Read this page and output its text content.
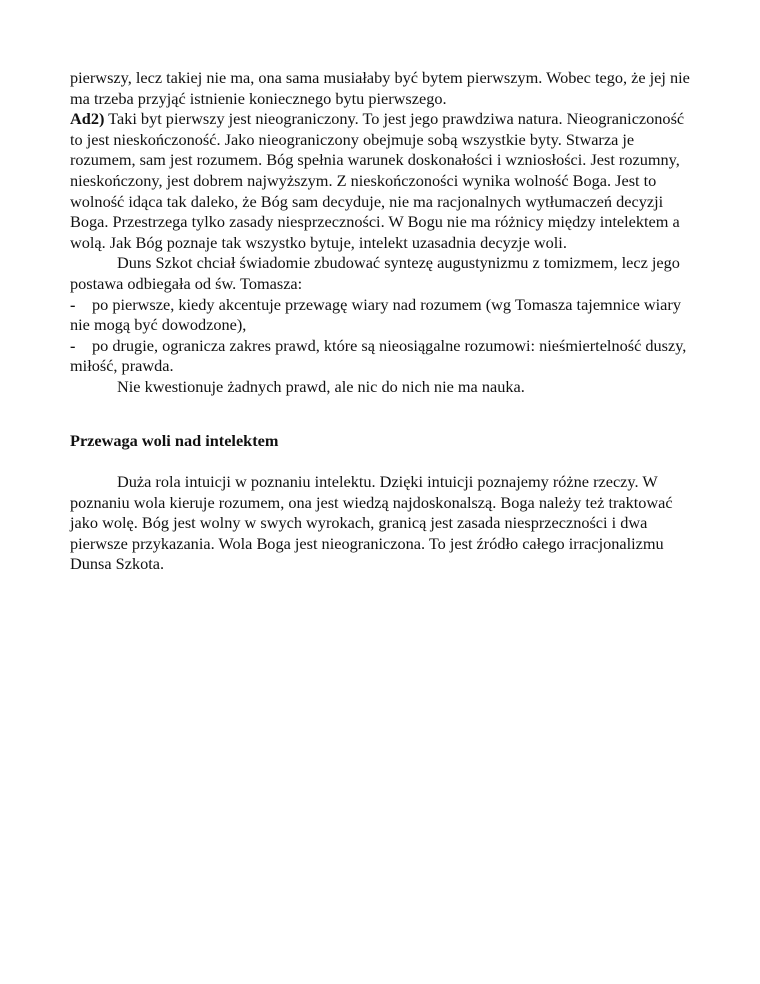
pierwszy, lecz takiej nie ma, ona sama musiałaby być bytem pierwszym. Wobec tego, że jej nie ma trzeba przyjąć istnienie koniecznego bytu pierwszego.

Ad2) Taki byt pierwszy jest nieograniczony. To jest jego prawdziwa natura. Nieograniczoność to jest nieskończoność. Jako nieograniczony obejmuje sobą wszystkie byty. Stwarza je rozumem, sam jest rozumem. Bóg spełnia warunek doskonałości i wzniosłości. Jest rozumny, nieskończony, jest dobrem najwyższym. Z nieskończoności wynika wolność Boga. Jest to wolność idąca tak daleko, że Bóg sam decyduje, nie ma racjonalnych wytłumaczeń decyzji Boga. Przestrzega tylko zasady niesprzeczności. W Bogu nie ma różnicy między intelektem a wolą. Jak Bóg poznaje tak wszystko bytuje, intelekt uzasadnia decyzje woli.

Duns Szkot chciał świadomie zbudować syntezę augustynizmu z tomizmem, lecz jego postawa odbiegała od św. Tomasza:

- po pierwsze, kiedy akcentuje przewagę wiary nad rozumem (wg Tomasza tajemnice wiary nie mogą być dowodzone),
- po drugie, ogranicza zakres prawd, które są nieosiągalne rozumowi: nieśmiertelność duszy, miłość, prawda.

Nie kwestionuje żadnych prawd, ale nic do nich nie ma nauka.

Przewaga woli nad intelektem

Duża rola intuicji w poznaniu intelektu. Dzięki intuicji poznajemy różne rzeczy. W poznaniu wola kieruje rozumem, ona jest wiedzą najdoskonalszą. Boga należy też traktować jako wolę. Bóg jest wolny w swych wyrokach, granicą jest zasada niesprzeczności i dwa pierwsze przykazania. Wola Boga jest nieograniczona. To jest źródło całego irracjonalizmu Dunsa Szkota.
